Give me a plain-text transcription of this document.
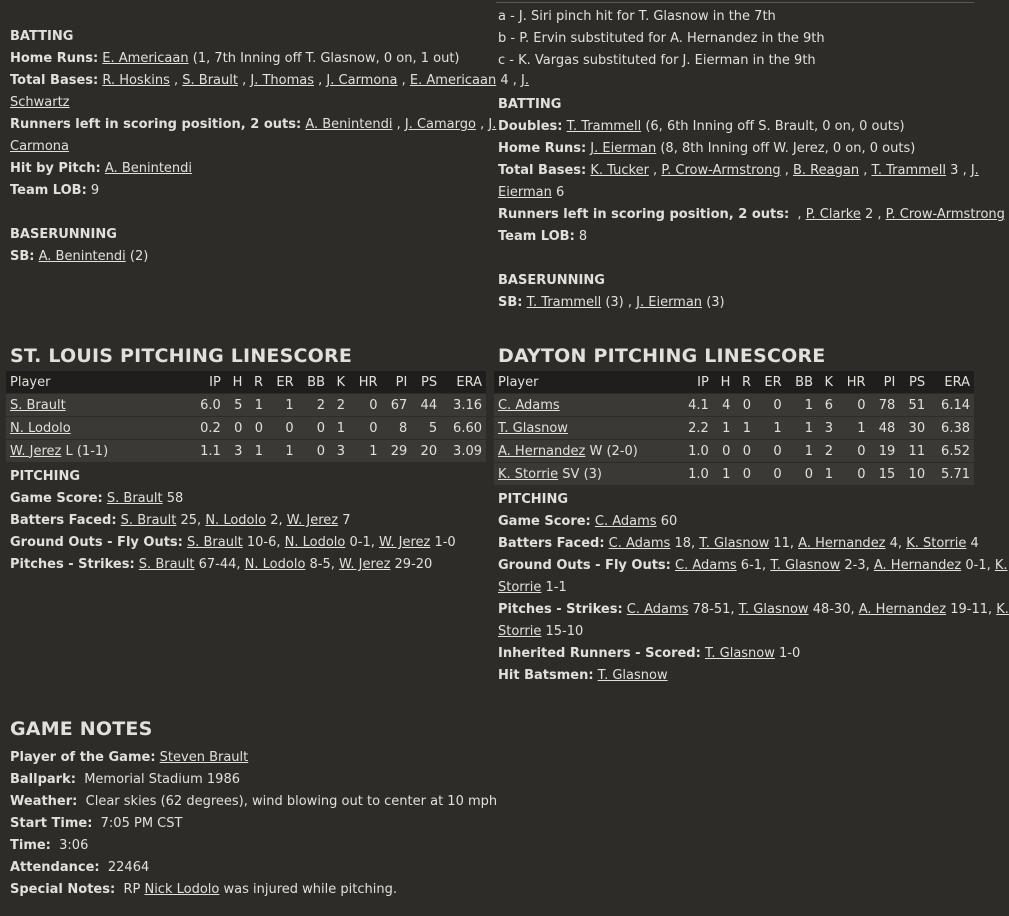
BATTING
Home Runs: E. Americaan (1, 7th Inning off T. Glasnow, 0 on, 1 out)
Total Bases: R. Hoskins , S. Brault , J. Thomas , J. Carmona , E. Americaan 4 , J.
Schwartz
Runners left in scoring position, 2 outs: A. Benintendi , J. Camargo , J.
Carmona
Hit by Pitch: A. Benintendi
Team LOB: 9
BASERUNNING
SB: A. Benintendi (2)
ST. LOUIS PITCHING LINESCORE
Player	IP	H	R	ER	BB	K	HR	PI	PS	ERA
S. Brault	6.0	5	1	1	2	2	0	67	44	3.16
N. Lodolo	0.2	0	0	0	0	1	0	8	5	6.60
W. Jerez L (1-1)	1.1	3	1	1	0	3	1	29	20	3.09
PITCHING
Game Score: S. Brault 58
Batters Faced: S. Brault 25, N. Lodolo 2, W. Jerez 7
Ground Outs - Fly Outs: S. Brault 10-6, N. Lodolo 0-1, W. Jerez 1-0
Pitches - Strikes: S. Brault 67-44, N. Lodolo 8-5, W. Jerez 29-20
a - J. Siri pinch hit for T. Glasnow in the 7th
b - P. Ervin substituted for A. Hernandez in the 9th
c - K. Vargas substituted for J. Eierman in the 9th
BATTING
Doubles: T. Trammell (6, 6th Inning off S. Brault, 0 on, 0 outs)
Home Runs: J. Eierman (8, 8th Inning off W. Jerez, 0 on, 0 outs)
Total Bases: K. Tucker , P. Crow-Armstrong , B. Reagan , T. Trammell 3 , J.
Eierman 6
Runners left in scoring position, 2 outs:  , P. Clarke 2 , P. Crow-Armstrong
Team LOB: 8
BASERUNNING
SB: T. Trammell (3) , J. Eierman (3)
DAYTON PITCHING LINESCORE
Player	IP	H	R	ER	BB	K	HR	PI	PS	ERA
C. Adams	4.1	4	0	0	1	6	0	78	51	6.14
T. Glasnow	2.2	1	1	1	1	3	1	48	30	6.38
A. Hernandez W (2-0)	1.0	0	0	0	1	2	0	19	11	6.52
K. Storrie SV (3)	1.0	1	0	0	0	1	0	15	10	5.71
PITCHING
Game Score: C. Adams 60
Batters Faced: C. Adams 18, T. Glasnow 11, A. Hernandez 4, K. Storrie 4
Ground Outs - Fly Outs: C. Adams 6-1, T. Glasnow 2-3, A. Hernandez 0-1, K.
Storrie 1-1
Pitches - Strikes: C. Adams 78-51, T. Glasnow 48-30, A. Hernandez 19-11, K.
Storrie 15-10
Inherited Runners - Scored: T. Glasnow 1-0
Hit Batsmen: T. Glasnow
GAME NOTES
Player of the Game: Steven Brault
Ballpark:  Memorial Stadium 1986
Weather:  Clear skies (62 degrees), wind blowing out to center at 10 mph
Start Time:  7:05 PM CST
Time:  3:06
Attendance:  22464
Special Notes:  RP Nick Lodolo was injured while pitching.
